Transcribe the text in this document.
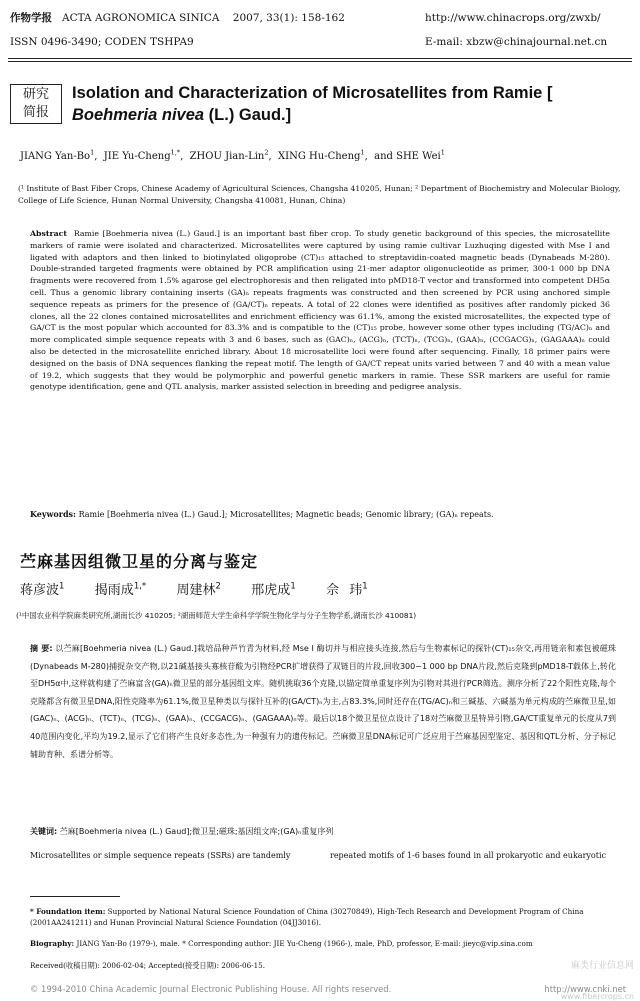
作物学报 ACTA AGRONOMICA SINICA 2007, 33(1): 158-162	http://www.chinacrops.org/zwxb/
ISSN 0496-3490; CODEN TSHPA9	E-mail: xbzw@chinajournal.net.cn
研究
简报
Isolation and Characterization of Microsatellites from Ramie [ Boehmeria nivea (L.) Gaud.]
JIANG Yan-Bo$^1$,  JIE Yu-Cheng$^{1,*}$,  ZHOU Jian-Lin$^2$,  XING Hu-Cheng$^1$,  and SHE Wei$^1$
(¹ Institute of Bast Fiber Crops, Chinese Academy of Agricultural Sciences, Changsha 410205, Hunan; ² Department of Biochemistry and Molecular Biology,
College of Life Science, Hunan Normal University, Changsha 410081, Hunan, China)
Abstract Ramie [Boehmeria nivea (L.) Gaud.] is an important bast fiber crop. To study genetic background of this species, the microsatellite markers of ramie were isolated and characterized. Microsatellites were captured by using ramie cultivar Luzhuqing digested with Mse I and ligated with adaptors and then linked to biotinylated oligoprobe (CT)₁₅ attached to streptavidin-coated magnetic beads (Dynabeads M-280). Double-stranded targeted fragments were obtained by PCR amplification using 21-mer adaptor oligonucleotide as primer, 300-1 000 bp DNA fragments were recovered from 1.5% agarose gel electrophoresis and then religated into pMD18-T vector and transformed into competent DH5α cell. Thus a genomic library containing inserts (GA)ₙ repeats fragments was constructed and then screened by PCR using anchored simple sequence repeats as primers for the presence of (GA/CT)ₙ repeats. A total of 22 clones were identified as positives after randomly picked 36 clones, all the 22 clones contained microsatellites and enrichment efficiency was 61.1%, among the existed microsatellites, the expected type of GA/CT is the most popular which accounted for 83.3% and is compatible to the (CT)₁₅ probe, however some other types including (TG/AC)ₙ and more complicated simple sequence repeats with 3 and 6 bases, such as (GAC)ₙ, (ACG)ₙ, (TCT)ₙ, (TCG)ₙ, (GAA)ₙ, (CCGACG)ₙ, (GAGAAA)ₙ could also be detected in the microsatellite enriched library. About 18 microsatellite loci were found after sequencing. Finally, 18 primer pairs were designed on the basis of DNA sequences flanking the repeat motif. The length of GA/CT repeat units varied between 7 and 40 with a mean value of 19.2, which suggests that they would be polymorphic and powerful genetic markers in ramie. These SSR markers are useful for ramie genotype identification, gene and QTL analysis, marker assisted selection in breeding and pedigree analysis.
Keywords: Ramie [Boehmeria nivea (L.) Gaud.]; Microsatellites; Magnetic beads; Genomic library; (GA)ₙ repeats.
苎麻基因组微卫星的分离与鉴定
蒋彦波$^1$ 揭雨成$^{1,*}$ 周建林$^2$ 邢虎成$^1$ 佘 玮$^1$
(¹中国农业科学院麻类研究所,湖南长沙 410205; ²湖南师范大学生命科学学院生物化学与分子生物学系,湖南长沙 410081)
摘 要: 以苎麻[Boehmeria nivea (L.) Gaud.]栽培品种芦竹青为材料,经 Mse I 酶切并与相应接头连接,然后与生物素标记的探针(CT)₁₅杂交,再用链亲和素包被磁珠(Dynabeads M-280)捕捉杂交产物,以21碱基接头寡核苷酸为引物经PCR扩增获得了双链目的片段,回收300~1 000 bp DNA片段,然后克隆到pMD18-T载体上,转化至DH5α中,这样就构建了苎麻富含(GA)ₙ微卫星的部分基因组文库。随机挑取36个克隆,以锚定简单重复序列为引物对其进行PCR筛选。测序分析了22个阳性克隆,每个克隆都含有微卫星DNA,阳性克隆率为61.1%,微卫星种类以与探针互补的(GA/CT)ₙ为主,占83.3%,同时还存在(TG/AC)ₙ和三碱基、六碱基为单元构成的苎麻微卫星,如(GAC)ₙ、(ACG)ₙ、(TCT)ₙ、(TCG)ₙ、(GAA)ₙ、(CCGACG)ₙ、(GAGAAA)ₙ等。最后以18个微卫星位点设计了18对苎麻微卫星特异引物,GA/CT重复单元的长度从7到40范围内变化,平均为19.2,显示了它们将产生良好多态性,为一种强有力的遗传标记。苎麻微卫星DNA标记可广泛应用于苎麻基因型鉴定、基因和QTL分析、分子标记辅助育种、系谱分析等。
关键词: 苎麻[Boehmeria nivea (L.) Gaud];微卫星;磁珠;基因组文库;(GA)ₙ重复序列
Microsatellites or simple sequence repeats (SSRs) are tandemly	repeated motifs of 1-6 bases found in all prokaryotic and eukaryotic
* Foundation item: Supported by National Natural Science Foundation of China (30270849), High-Tech Research and Development Program of China (2001AA241211) and Hunan Provincial Natural Science Foundation (04JJ3016).
Biography: JIANG Yan-Bo (1979-), male. * Corresponding author: JIE Yu-Cheng (1966-), male, PhD, professor, E-mail: jieyc@vip.sina.com
Received(收稿日期): 2006-02-04; Accepted(接受日期): 2006-06-15.
© 1994-2010 China Academic Journal Electronic Publishing House. All rights reserved.	http://www.cnki.net
麻类行业信息网
www.fibercrops.cn
